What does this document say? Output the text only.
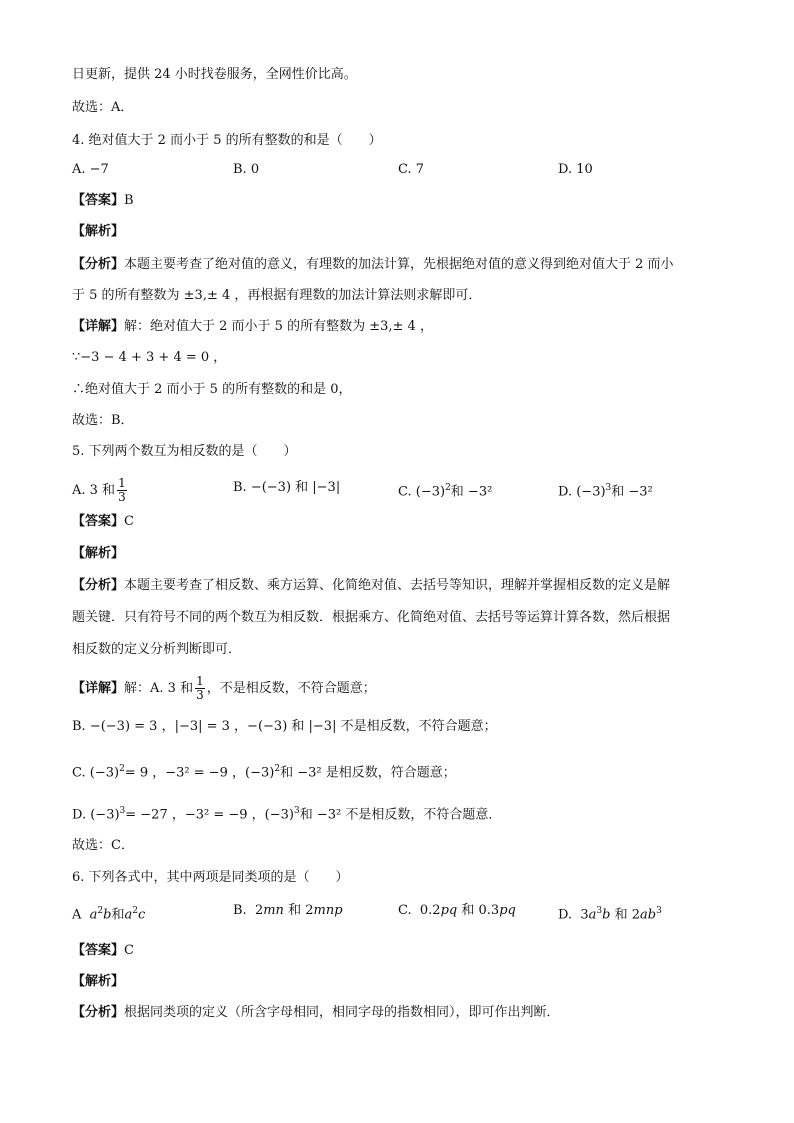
日更新，提供 24 小时找卷服务，全网性价比高。
故选：A．
4. 绝对值大于 2 而小于 5 的所有整数的和是（　　）
A. −7	B. 0	C. 7	D. 10
【答案】B
【解析】
【分析】本题主要考查了绝对值的意义，有理数的加法计算，先根据绝对值的意义得到绝对值大于 2 而小
于 5 的所有整数为 ±3,± 4 ，再根据有理数的加法计算法则求解即可．
【详解】解：绝对值大于 2 而小于 5 的所有整数为 ±3,± 4 ，
∵−3 − 4 + 3 + 4 = 0 ，
∴绝对值大于 2 而小于 5 的所有整数的和是 0，
故选：B．
5. 下列两个数互为相反数的是（　　）
A. 3 和 $\frac{1}{3}$	B. −(−3) 和 |−3|	C. $(-3)^2$和 −3²	D. $(-3)^3$和 −3²
【答案】C
【解析】
【分析】本题主要考查了相反数、乘方运算、化简绝对值、去括号等知识，理解并掌握相反数的定义是解
题关键．只有符号不同的两个数互为相反数．根据乘方、化简绝对值、去括号等运算计算各数，然后根据
相反数的定义分析判断即可．
【详解】解：A. 3 和 $\frac{1}{3}$ ，不是相反数，不符合题意；
B. −(−3) = 3 ，|−3| = 3 ，−(−3) 和 |−3| 不是相反数，不符合题意；
C. $(-3)^2= 9$ ，−3² = −9 ，$(-3)^2$和 −3² 是相反数，符合题意；
D. $(-3)^3= -27$ ，−3² = −9 ，$(-3)^3$和 −3² 不是相反数，不符合题意．
故选：C．
6. 下列各式中，其中两项是同类项的是（　　）
A $a^2b$和$a^2c$	B.  2mn 和 2mnp	C.  0.2pq 和 0.3pq	D.  $3a^3b$ 和 $2ab^3$
【答案】C
【解析】
【分析】根据同类项的定义（所含字母相同，相同字母的指数相同），即可作出判断．
